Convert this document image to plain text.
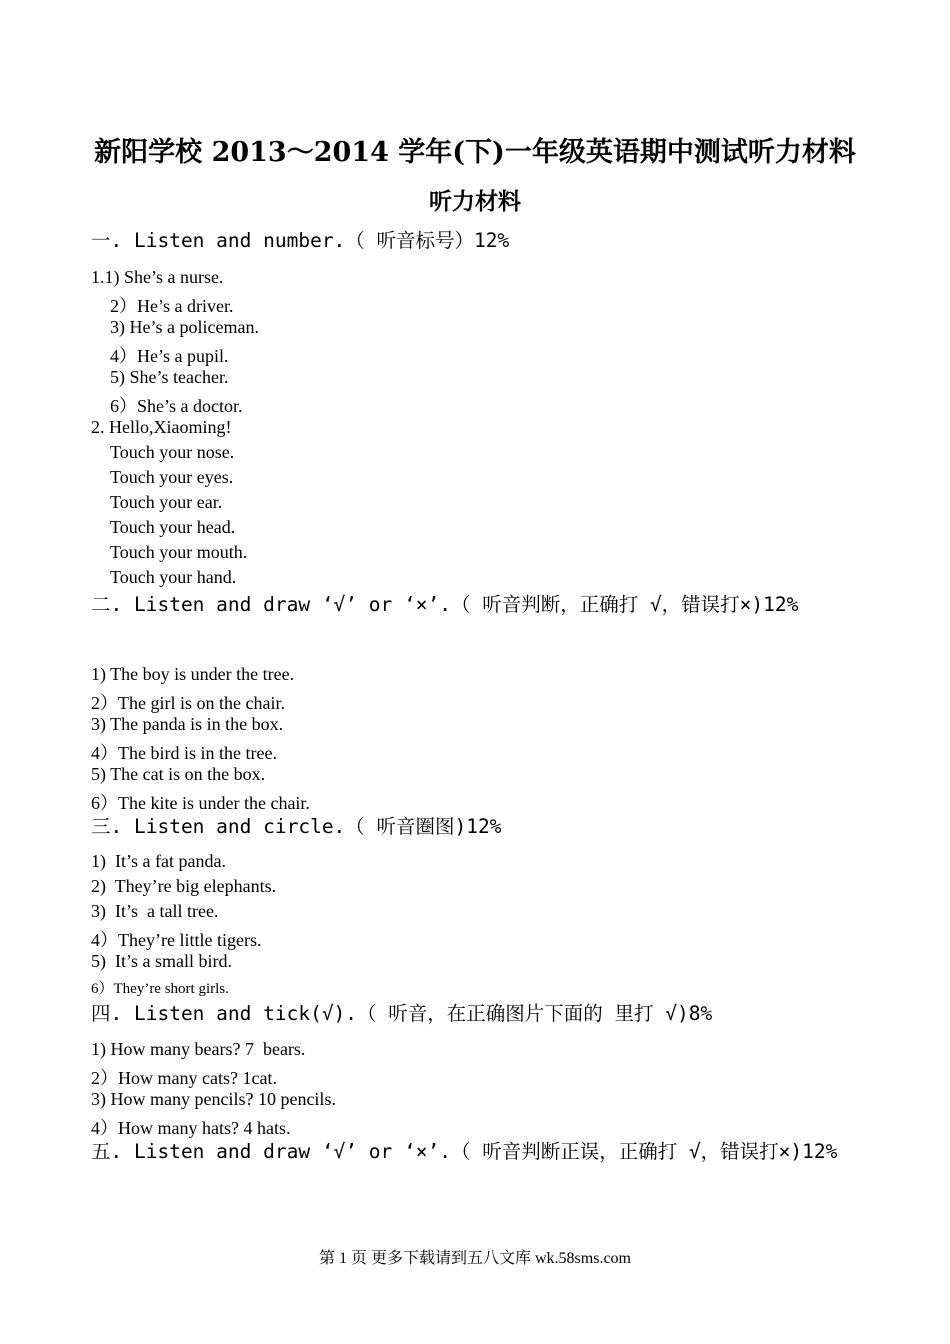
新阳学校 2013～2014 学年(下)一年级英语期中测试听力材料
听力材料
一. Listen and number.（ 听音标号）12%
1.1) She’s a nurse.
2）He’s a driver.
3) He’s a policeman.
4）He’s a pupil.
5) She’s teacher.
6）She’s a doctor.
2. Hello,Xiaoming!
Touch your nose.
Touch your eyes.
Touch your ear.
Touch your head.
Touch your mouth.
Touch your hand.
二. Listen and draw ‘√’ or ‘×’.（ 听音判断，正确打 √，错误打×)12%
1) The boy is under the tree.
2）The girl is on the chair.
3) The panda is in the box.
4）The bird is in the tree.
5) The cat is on the box.
6）The kite is under the chair.
三. Listen and circle.（ 听音圈图)12%
1)  It’s a fat panda.
2)  They’re big elephants.
3)  It’s  a tall tree.
4）They’re little tigers.
5)  It’s a small bird.
6）They’re short girls.
四. Listen and tick(√).（ 听音，在正确图片下面的 里打 √)8%
1) How many bears? 7  bears.
2）How many cats? 1cat.
3) How many pencils? 10 pencils.
4）How many hats? 4 hats.
五. Listen and draw ‘√’ or ‘×’.（ 听音判断正误，正确打 √，错误打×)12%
第 1 页 更多下载请到五八文库 wk.58sms.com
